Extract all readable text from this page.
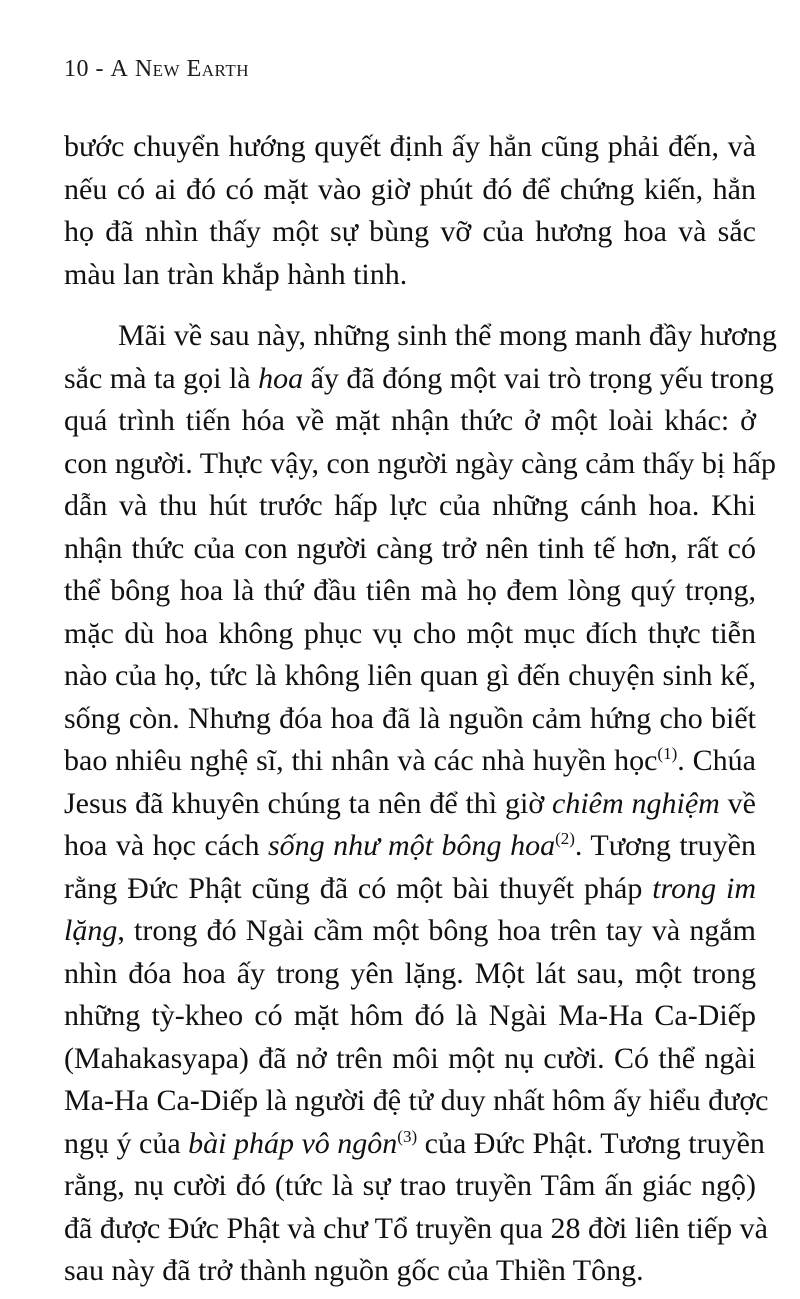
10 - A New Earth
bước chuyển hướng quyết định ấy hẳn cũng phải đến, và
nếu có ai đó có mặt vào giờ phút đó để chứng kiến, hẳn
họ đã nhìn thấy một sự bùng vỡ của hương hoa và sắc
màu lan tràn khắp hành tinh.
Mãi về sau này, những sinh thể mong manh đầy hương
sắc mà ta gọi là hoa ấy đã đóng một vai trò trọng yếu trong
quá trình tiến hóa về mặt nhận thức ở một loài khác: ở
con người. Thực vậy, con người ngày càng cảm thấy bị hấp
dẫn và thu hút trước hấp lực của những cánh hoa. Khi
nhận thức của con người càng trở nên tinh tế hơn, rất có
thể bông hoa là thứ đầu tiên mà họ đem lòng quý trọng,
mặc dù hoa không phục vụ cho một mục đích thực tiễn
nào của họ, tức là không liên quan gì đến chuyện sinh kế,
sống còn. Nhưng đóa hoa đã là nguồn cảm hứng cho biết
bao nhiêu nghệ sĩ, thi nhân và các nhà huyền học$^{(1)}$. Chúa
Jesus đã khuyên chúng ta nên để thì giờ chiêm nghiệm về
hoa và học cách sống như một bông hoa$^{(2)}$. Tương truyền
rằng Đức Phật cũng đã có một bài thuyết pháp trong im
lặng, trong đó Ngài cầm một bông hoa trên tay và ngắm
nhìn đóa hoa ấy trong yên lặng. Một lát sau, một trong
những tỳ-kheo có mặt hôm đó là Ngài Ma-Ha Ca-Diếp
(Mahakasyapa) đã nở trên môi một nụ cười. Có thể ngài
Ma-Ha Ca-Diếp là người đệ tử duy nhất hôm ấy hiểu được
ngụ ý của bài pháp vô ngôn$^{(3)}$ của Đức Phật. Tương truyền
rằng, nụ cười đó (tức là sự trao truyền Tâm ấn giác ngộ)
đã được Đức Phật và chư Tổ truyền qua 28 đời liên tiếp và
sau này đã trở thành nguồn gốc của Thiền Tông.
